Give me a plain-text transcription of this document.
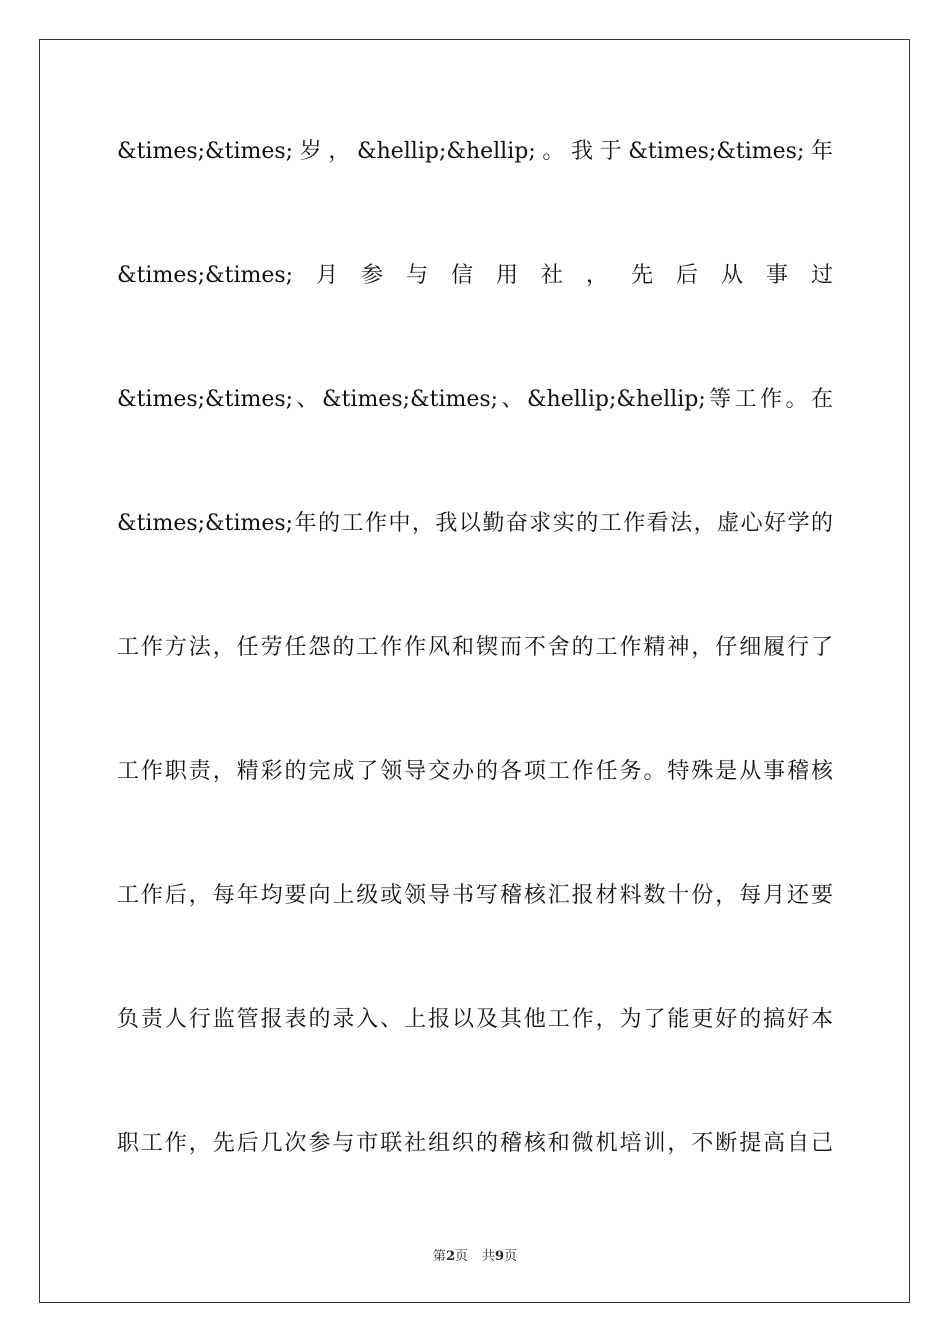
&times;&times;岁，&hellip;&hellip;。我于&times;&times;年
&times;&times;月参与信用社，先后从事过
&times;&times;、&times;&times;、&hellip;&hellip;等工作。在
&times;&times;年的工作中，我以勤奋求实的工作看法，虚心好学的
工作方法，任劳任怨的工作作风和锲而不舍的工作精神，仔细履行了
工作职责，精彩的完成了领导交办的各项工作任务。特殊是从事稽核
工作后，每年均要向上级或领导书写稽核汇报材料数十份，每月还要
负责人行监管报表的录入、上报以及其他工作，为了能更好的搞好本
职工作，先后几次参与市联社组织的稽核和微机培训，不断提高自己
第2页 共9页
